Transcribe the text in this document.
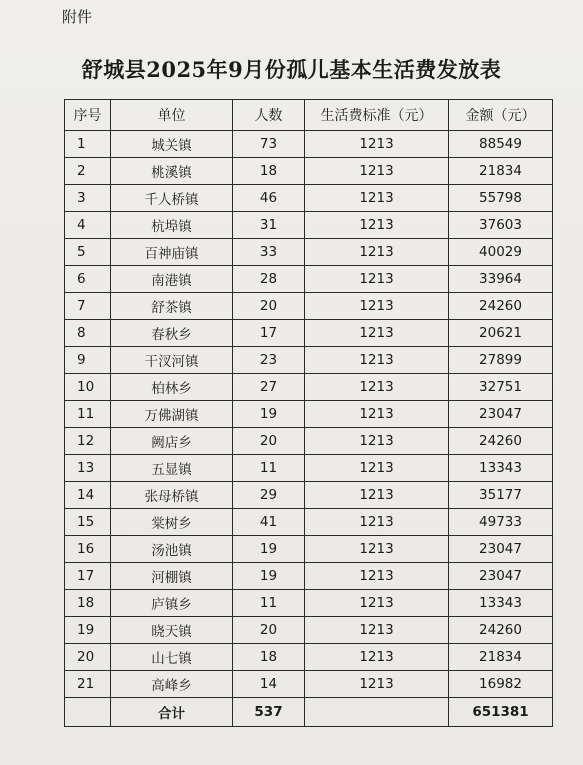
附件
舒城县2025年9月份孤儿基本生活费发放表
序号	单位	人数	生活费标准（元）	金额（元）
1	城关镇	73	1213	88549
2	桃溪镇	18	1213	21834
3	千人桥镇	46	1213	55798
4	杭埠镇	31	1213	37603
5	百神庙镇	33	1213	40029
6	南港镇	28	1213	33964
7	舒茶镇	20	1213	24260
8	春秋乡	17	1213	20621
9	干汊河镇	23	1213	27899
10	柏林乡	27	1213	32751
11	万佛湖镇	19	1213	23047
12	阙店乡	20	1213	24260
13	五显镇	11	1213	13343
14	张母桥镇	29	1213	35177
15	棠树乡	41	1213	49733
16	汤池镇	19	1213	23047
17	河棚镇	19	1213	23047
18	庐镇乡	11	1213	13343
19	晓天镇	20	1213	24260
20	山七镇	18	1213	21834
21	高峰乡	14	1213	16982
	合计	537		651381
